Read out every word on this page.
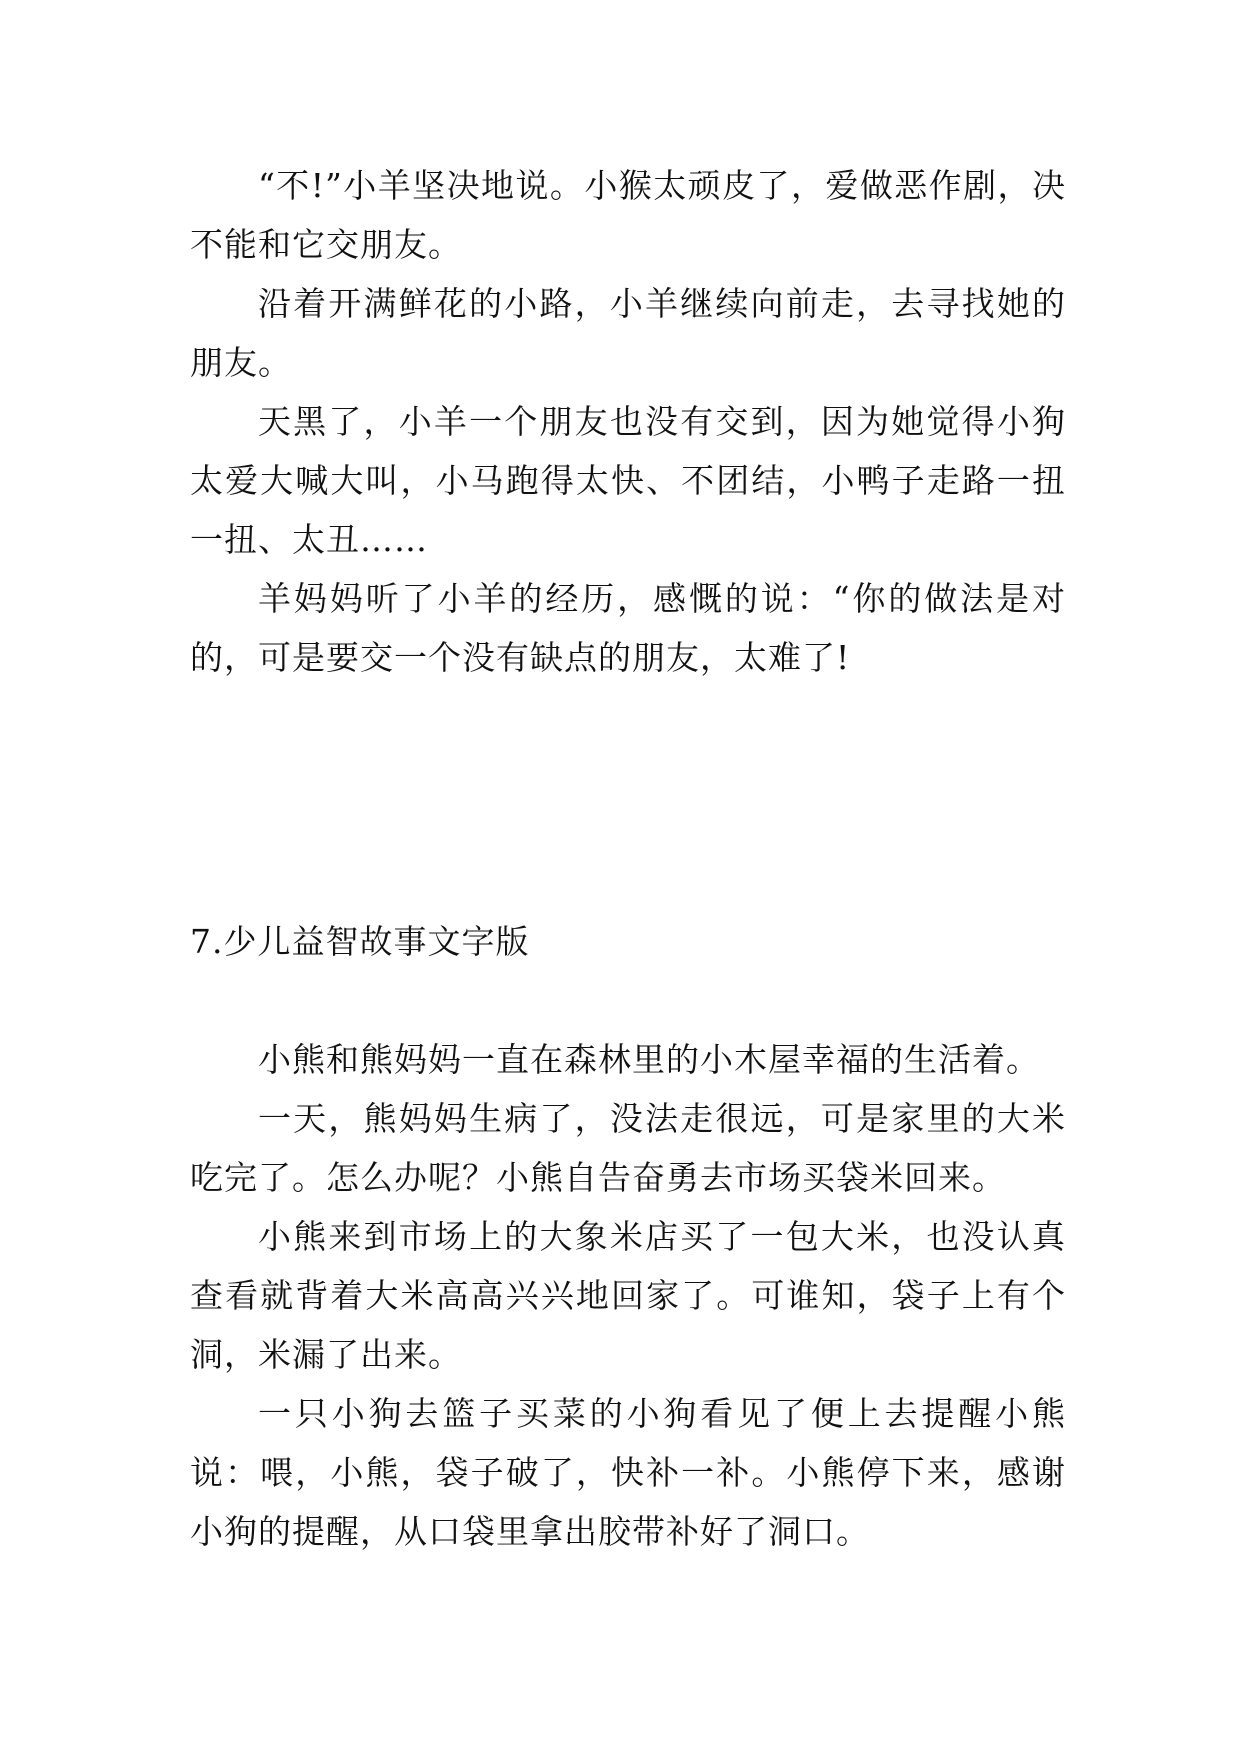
“不!”小羊坚决地说。小猴太顽皮了，爱做恶作剧，决不能和它交朋友。

沿着开满鲜花的小路，小羊继续向前走，去寻找她的朋友。

天黑了，小羊一个朋友也没有交到，因为她觉得小狗太爱大喊大叫，小马跑得太快、不团结，小鸭子走路一扭一扭、太丑……

羊妈妈听了小羊的经历，感慨的说：“你的做法是对的，可是要交一个没有缺点的朋友，太难了!

7.少儿益智故事文字版

小熊和熊妈妈一直在森林里的小木屋幸福的生活着。

一天，熊妈妈生病了，没法走很远，可是家里的大米吃完了。怎么办呢？小熊自告奋勇去市场买袋米回来。

小熊来到市场上的大象米店买了一包大米，也没认真查看就背着大米高高兴兴地回家了。可谁知，袋子上有个洞，米漏了出来。

一只小狗去篮子买菜的小狗看见了便上去提醒小熊说：喂，小熊，袋子破了，快补一补。小熊停下来，感谢小狗的提醒，从口袋里拿出胶带补好了洞口。
